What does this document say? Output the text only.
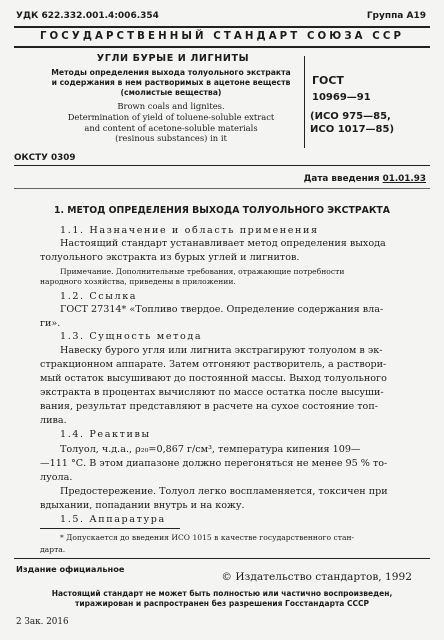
УДК 622.332.001.4:006.354	Группа А19
ГОСУДАРСТВЕННЫЙ СТАНДАРТ СОЮЗА ССР
УГЛИ БУРЫЕ И ЛИГНИТЫ
Методы определения выхода толуольного экстракта
и содержания в нем растворимых в ацетоне веществ
(смолистые вещества)
Brown coals and lignites.
Determination of yield of toluene-soluble extract
and content of acetone-soluble materials
(resinous substances) in it
ГОСТ
10969—91
(ИСО 975—85,
ИСО 1017—85)
ОКСТУ 0309
Дата введения 01.01.93
1. МЕТОД ОПРЕДЕЛЕНИЯ ВЫХОДА ТОЛУОЛЬНОГО ЭКСТРАКТА
1.1. Назначение и область применения
Настоящий стандарт устанавливает метод определения выхода
толуольного экстракта из бурых углей и лигнитов.
Примечание. Дополнительные требования, отражающие потребности
народного хозяйства, приведены в приложении.
1.2. Ссылка
ГОСТ 27314* «Топливо твердое. Определение содержания вла-
ги».
1.3. Сущность метода
Навеску бурого угля или лигнита экстрагируют толуолом в эк-
стракционном аппарате. Затем отгоняют растворитель, а раствори-
мый остаток высушивают до постоянной массы. Выход толуольного
экстракта в процентах вычисляют по массе остатка после высуши-
вания, результат представляют в расчете на сухое состояние топ-
лива.
1.4. Реактивы
Толуол, ч.д.а., ρ₂₀=0,867 г/см³, температура кипения 109—
—111 °С. В этом диапазоне должно перегоняться не менее 95 % то-
луола.
Предостережение. Толуол легко воспламеняется, токсичен при
вдыхании, попадании внутрь и на кожу.
1.5. Аппаратура
* Допускается до введения ИСО 1015 в качестве государственного стан-
дарта.
Издание официальное
© Издательство стандартов, 1992
Настоящий стандарт не может быть полностью или частично воспроизведен,
тиражирован и распространен без разрешения Госстандарта СССР
2 Зак. 2016
